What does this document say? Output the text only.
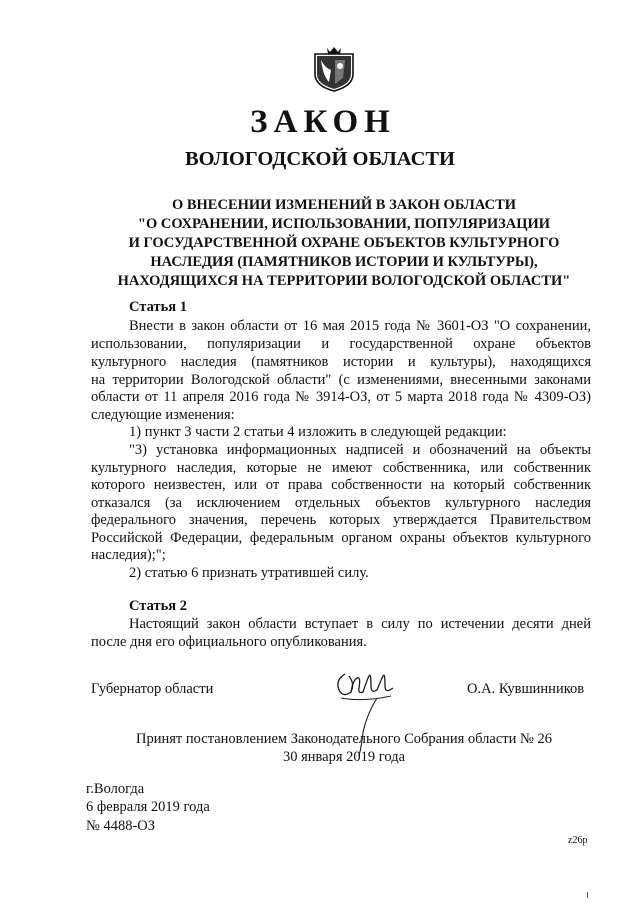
ЗАКОН
ВОЛОГОДСКОЙ ОБЛАСТИ
О ВНЕСЕНИИ ИЗМЕНЕНИЙ В ЗАКОН ОБЛАСТИ
"О СОХРАНЕНИИ, ИСПОЛЬЗОВАНИИ, ПОПУЛЯРИЗАЦИИ
И ГОСУДАРСТВЕННОЙ ОХРАНЕ ОБЪЕКТОВ КУЛЬТУРНОГО
НАСЛЕДИЯ (ПАМЯТНИКОВ ИСТОРИИ И КУЛЬТУРЫ),
НАХОДЯЩИХСЯ НА ТЕРРИТОРИИ ВОЛОГОДСКОЙ ОБЛАСТИ"
Статья 1
Внести в закон области от 16 мая 2015 года № 3601-ОЗ "О сохранении,
использовании, популяризации и государственной охране объектов
культурного наследия (памятников истории и культуры), находящихся
на территории Вологодской области" (с изменениями, внесенными законами
области от 11 апреля 2016 года № 3914-ОЗ, от 5 марта 2018 года № 4309-ОЗ)
следующие изменения:
1) пункт 3 части 2 статьи 4 изложить в следующей редакции:
"3) установка информационных надписей и обозначений на объекты
культурного наследия, которые не имеют собственника, или собственник
которого неизвестен, или от права собственности на который собственник
отказался (за исключением отдельных объектов культурного наследия
федерального значения, перечень которых утверждается Правительством
Российской Федерации, федеральным органом охраны объектов культурного
наследия);";
2) статью 6 признать утратившей силу.
Статья 2
Настоящий закон области вступает в силу по истечении десяти дней
после дня его официального опубликования.
Губернатор области	О.А. Кувшинников
Принят постановлением Законодательного Собрания области № 26
30 января 2019 года
г.Вологда
6 февраля 2019 года
№ 4488-ОЗ
z26p
